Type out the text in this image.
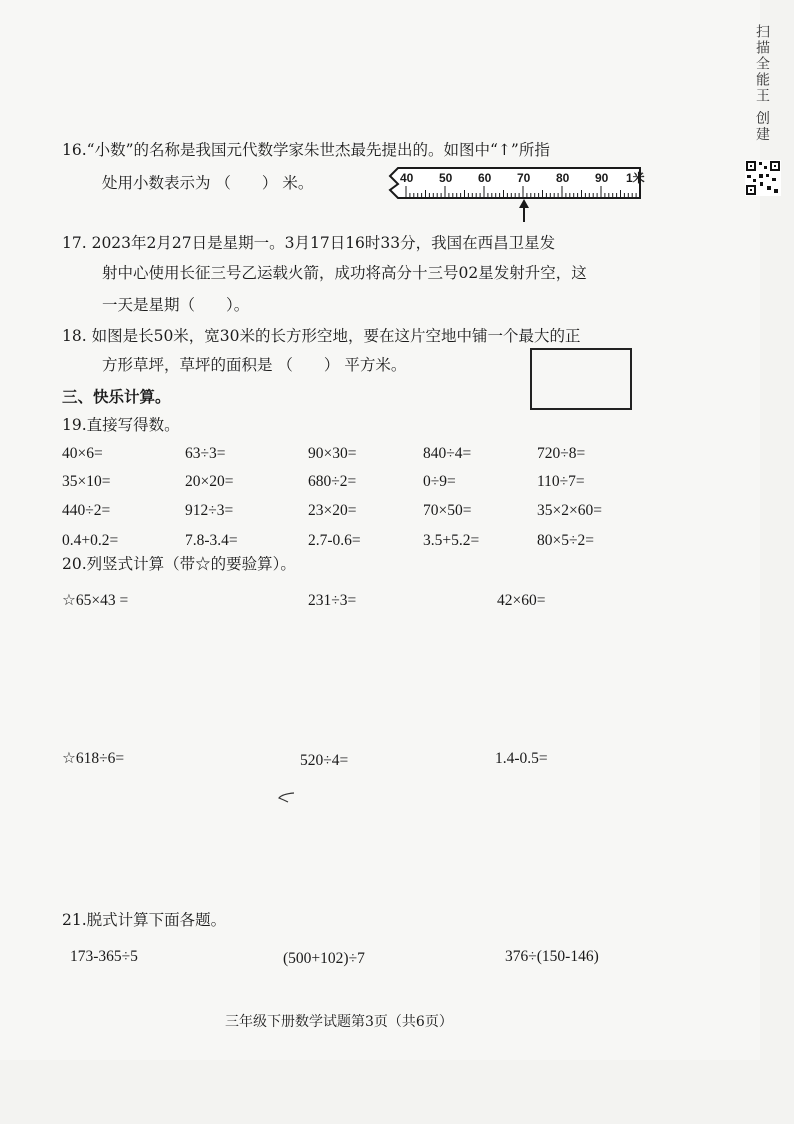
扫描全能王 创建
16.“小数”的名称是我国元代数学家朱世杰最先提出的。如图中“↑”所指
处用小数表示为 （　　） 米。	40 50 60 70 80 90 1米
17. 2023年2月27日是星期一。3月17日16时33分，我国在西昌卫星发
射中心使用长征三号乙运载火箭，成功将高分十三号02星发射升空，这
一天是星期（　　）。
18. 如图是长50米，宽30米的长方形空地，要在这片空地中铺一个最大的正
方形草坪，草坪的面积是 （　　） 平方米。
三、快乐计算。
19.直接写得数。
40×6=	63÷3=	90×30=	840÷4=	720÷8=
35×10=	20×20=	680÷2=	0÷9=	110÷7=
440÷2=	912÷3=	23×20=	70×50=	35×2×60=
0.4+0.2=	7.8-3.4=	2.7-0.6=	3.5+5.2=	80×5÷2=
20.列竖式计算（带☆的要验算）。
☆65×43 =	231÷3=	42×60=
☆618÷6=	520÷4=	1.4-0.5=
21.脱式计算下面各题。
173-365÷5	(500+102)÷7	376÷(150-146)
三年级下册数学试题第3页（共6页）
